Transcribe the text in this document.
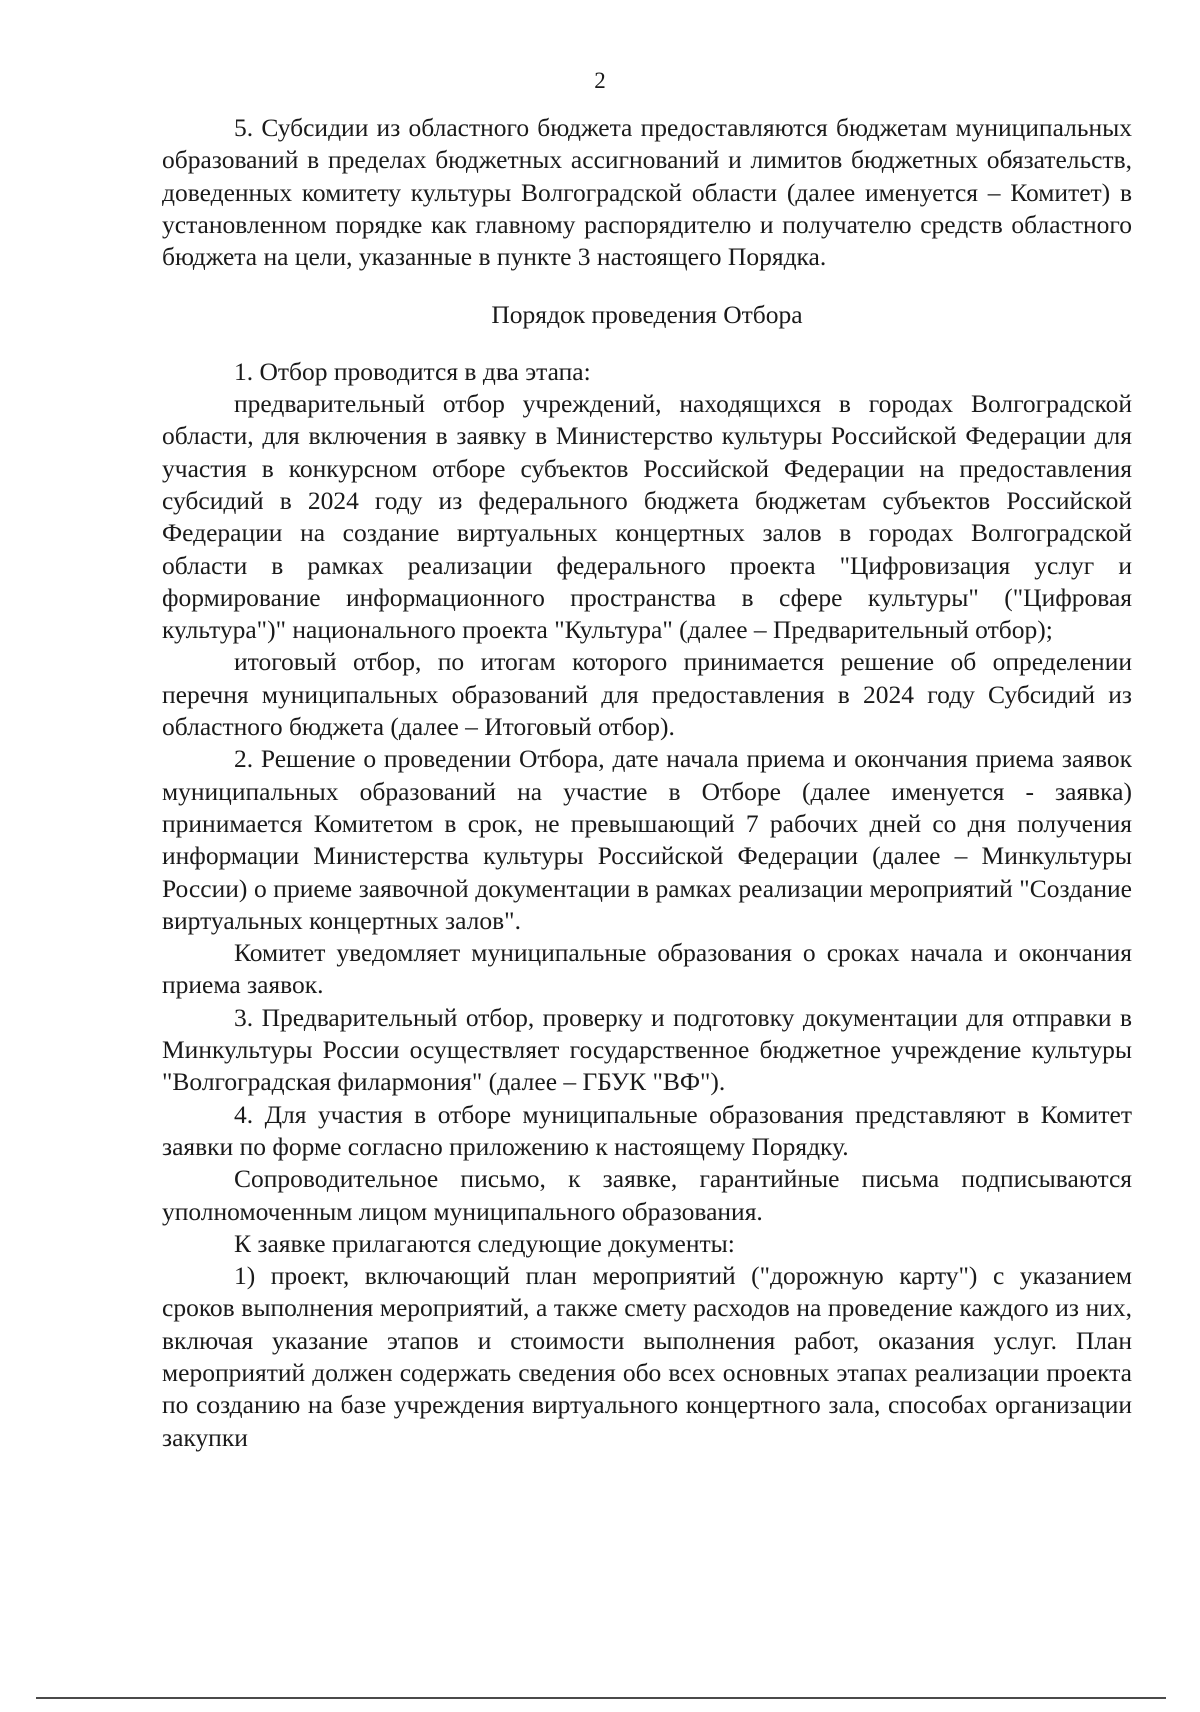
2

5. Субсидии из областного бюджета предоставляются бюджетам муниципальных образований в пределах бюджетных ассигнований и лимитов бюджетных обязательств, доведенных комитету культуры Волгоградской области (далее именуется – Комитет) в установленном порядке как главному распорядителю и получателю средств областного бюджета на цели, указанные в пункте 3 настоящего Порядка.

Порядок проведения Отбора

1. Отбор проводится в два этапа:

предварительный отбор учреждений, находящихся в городах Волгоградской области, для включения в заявку в Министерство культуры Российской Федерации для участия в конкурсном отборе субъектов Российской Федерации на предоставления субсидий в 2024 году из федерального бюджета бюджетам субъектов Российской Федерации на создание виртуальных концертных залов в городах Волгоградской области в рамках реализации федерального проекта "Цифровизация услуг и формирование информационного пространства в сфере культуры" ("Цифровая культура")" национального проекта "Культура" (далее – Предварительный отбор);

итоговый отбор, по итогам которого принимается решение об определении перечня муниципальных образований для предоставления в 2024 году Субсидий из областного бюджета (далее – Итоговый отбор).

2. Решение о проведении Отбора, дате начала приема и окончания приема заявок муниципальных образований на участие в Отборе (далее именуется - заявка) принимается Комитетом в срок, не превышающий 7 рабочих дней со дня получения информации Министерства культуры Российской Федерации (далее – Минкультуры России) о приеме заявочной документации в рамках реализации мероприятий "Создание виртуальных концертных залов".

Комитет уведомляет муниципальные образования о сроках начала и окончания приема заявок.

3. Предварительный отбор, проверку и подготовку документации для отправки в Минкультуры России осуществляет государственное бюджетное учреждение культуры "Волгоградская филармония" (далее – ГБУК "ВФ").

4. Для участия в отборе муниципальные образования представляют в Комитет заявки по форме согласно приложению к настоящему Порядку.

Сопроводительное письмо, к заявке, гарантийные письма подписываются уполномоченным лицом муниципального образования.

К заявке прилагаются следующие документы:

1) проект, включающий план мероприятий ("дорожную карту") с указанием сроков выполнения мероприятий, а также смету расходов на проведение каждого из них, включая указание этапов и стоимости выполнения работ, оказания услуг. План мероприятий должен содержать сведения обо всех основных этапах реализации проекта по созданию на базе учреждения виртуального концертного зала, способах организации закупки
